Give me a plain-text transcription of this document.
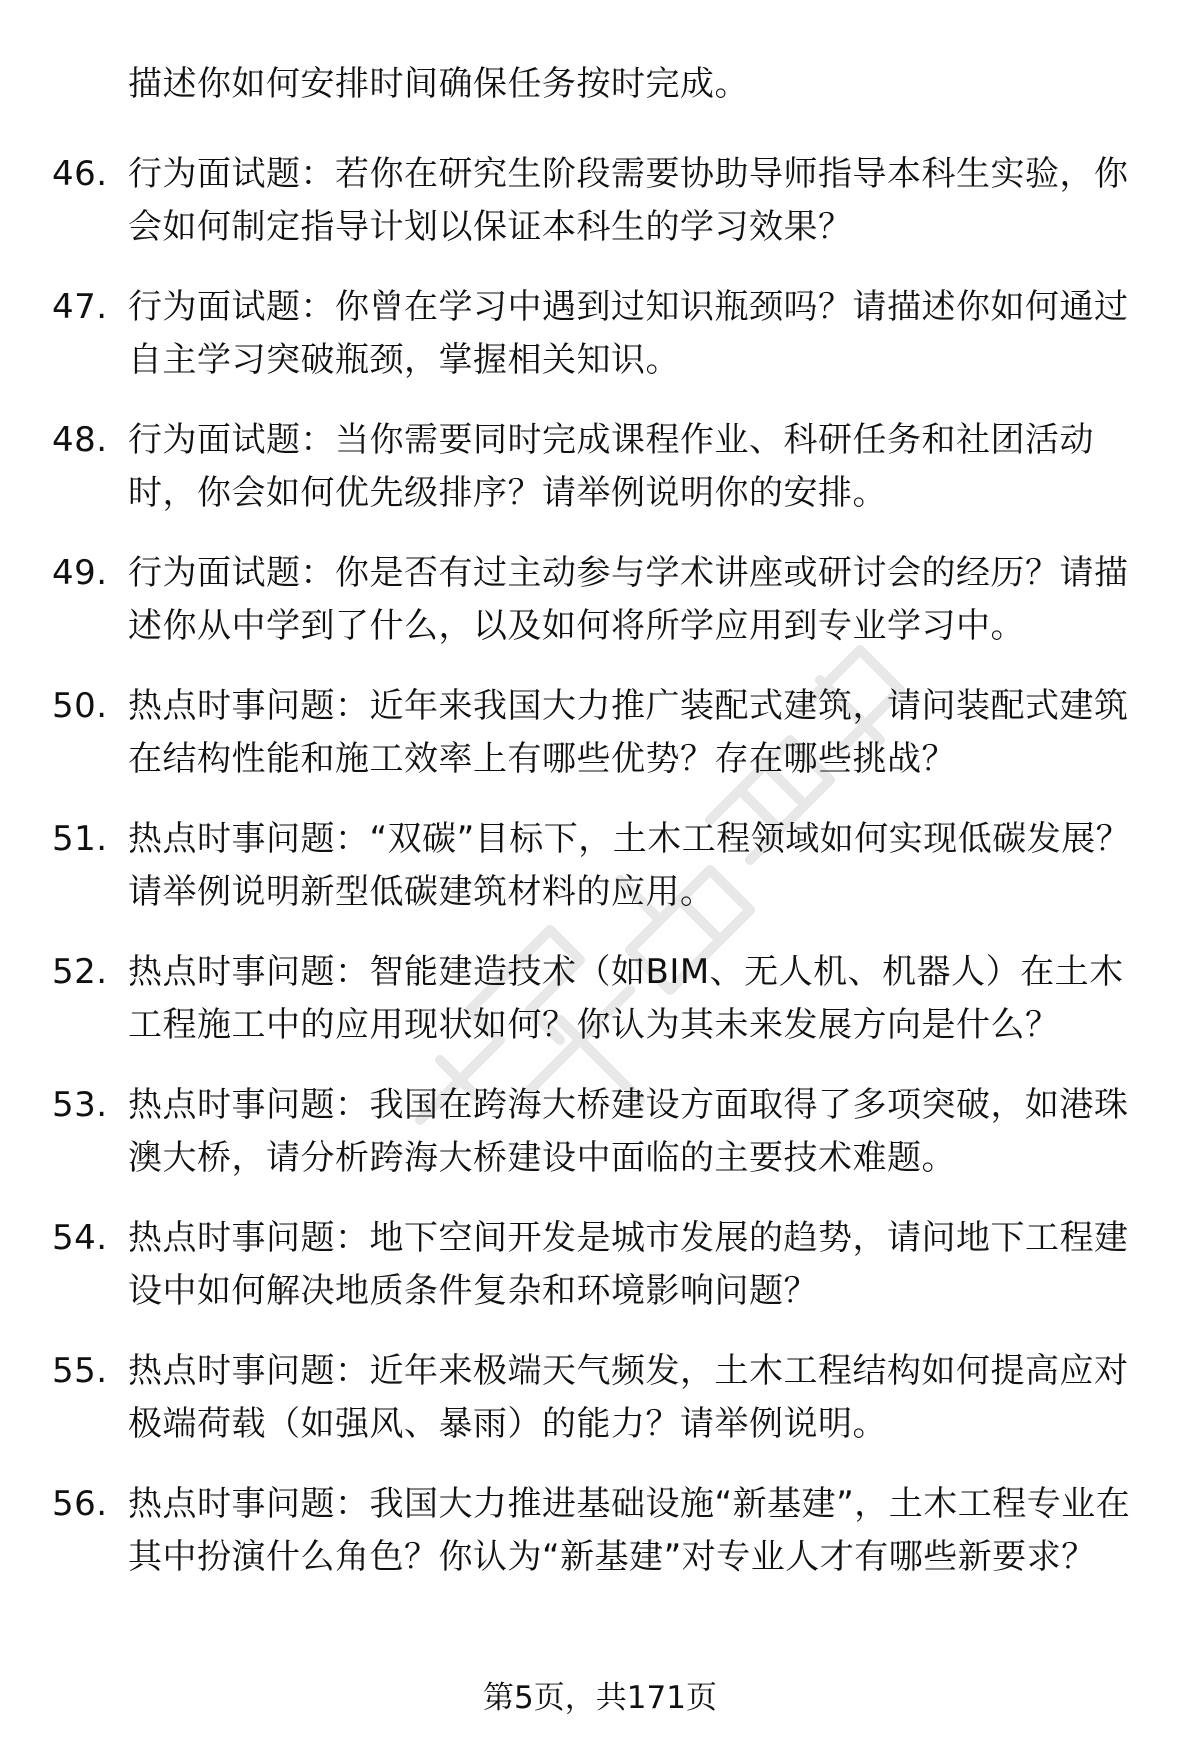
描述你如何安排时间确保任务按时完成。
46. 行为面试题：若你在研究生阶段需要协助导师指导本科生实验，你会如何制定指导计划以保证本科生的学习效果？
47. 行为面试题：你曾在学习中遇到过知识瓶颈吗？请描述你如何通过自主学习突破瓶颈，掌握相关知识。
48. 行为面试题：当你需要同时完成课程作业、科研任务和社团活动时，你会如何优先级排序？请举例说明你的安排。
49. 行为面试题：你是否有过主动参与学术讲座或研讨会的经历？请描述你从中学到了什么，以及如何将所学应用到专业学习中。
50. 热点时事问题：近年来我国大力推广装配式建筑，请问装配式建筑在结构性能和施工效率上有哪些优势？存在哪些挑战？
51. 热点时事问题：“双碳”目标下，土木工程领域如何实现低碳发展？请举例说明新型低碳建筑材料的应用。
52. 热点时事问题：智能建造技术（如BIM、无人机、机器人）在土木工程施工中的应用现状如何？你认为其未来发展方向是什么？
53. 热点时事问题：我国在跨海大桥建设方面取得了多项突破，如港珠澳大桥，请分析跨海大桥建设中面临的主要技术难题。
54. 热点时事问题：地下空间开发是城市发展的趋势，请问地下工程建设中如何解决地质条件复杂和环境影响问题？
55. 热点时事问题：近年来极端天气频发，土木工程结构如何提高应对极端荷载（如强风、暴雨）的能力？请举例说明。
56. 热点时事问题：我国大力推进基础设施“新基建”，土木工程专业在其中扮演什么角色？你认为“新基建”对专业人才有哪些新要求？
第5页，共171页
